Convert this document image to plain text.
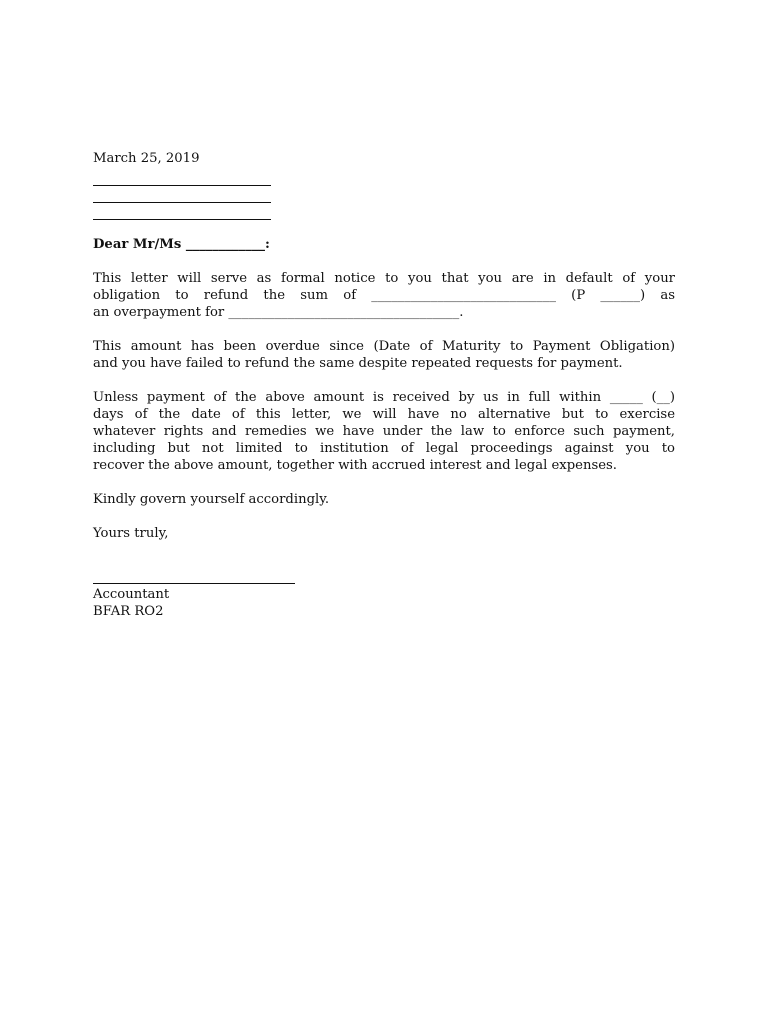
March 25, 2019
Dear Mr/Ms ____________:

This letter will serve as formal notice to you that you are in default of your
obligation to refund the sum of ____________________________ (P ______) as
an overpayment for ___________________________________.

This amount has been overdue since (Date of Maturity to Payment Obligation)
and you have failed to refund the same despite repeated requests for payment.

Unless payment of the above amount is received by us in full within _____ (__)
days of the date of this letter, we will have no alternative but to exercise
whatever rights and remedies we have under the law to enforce such payment,
including but not limited to institution of legal proceedings against you to
recover the above amount, together with accrued interest and legal expenses.

Kindly govern yourself accordingly.

Yours truly,
Accountant
BFAR RO2
